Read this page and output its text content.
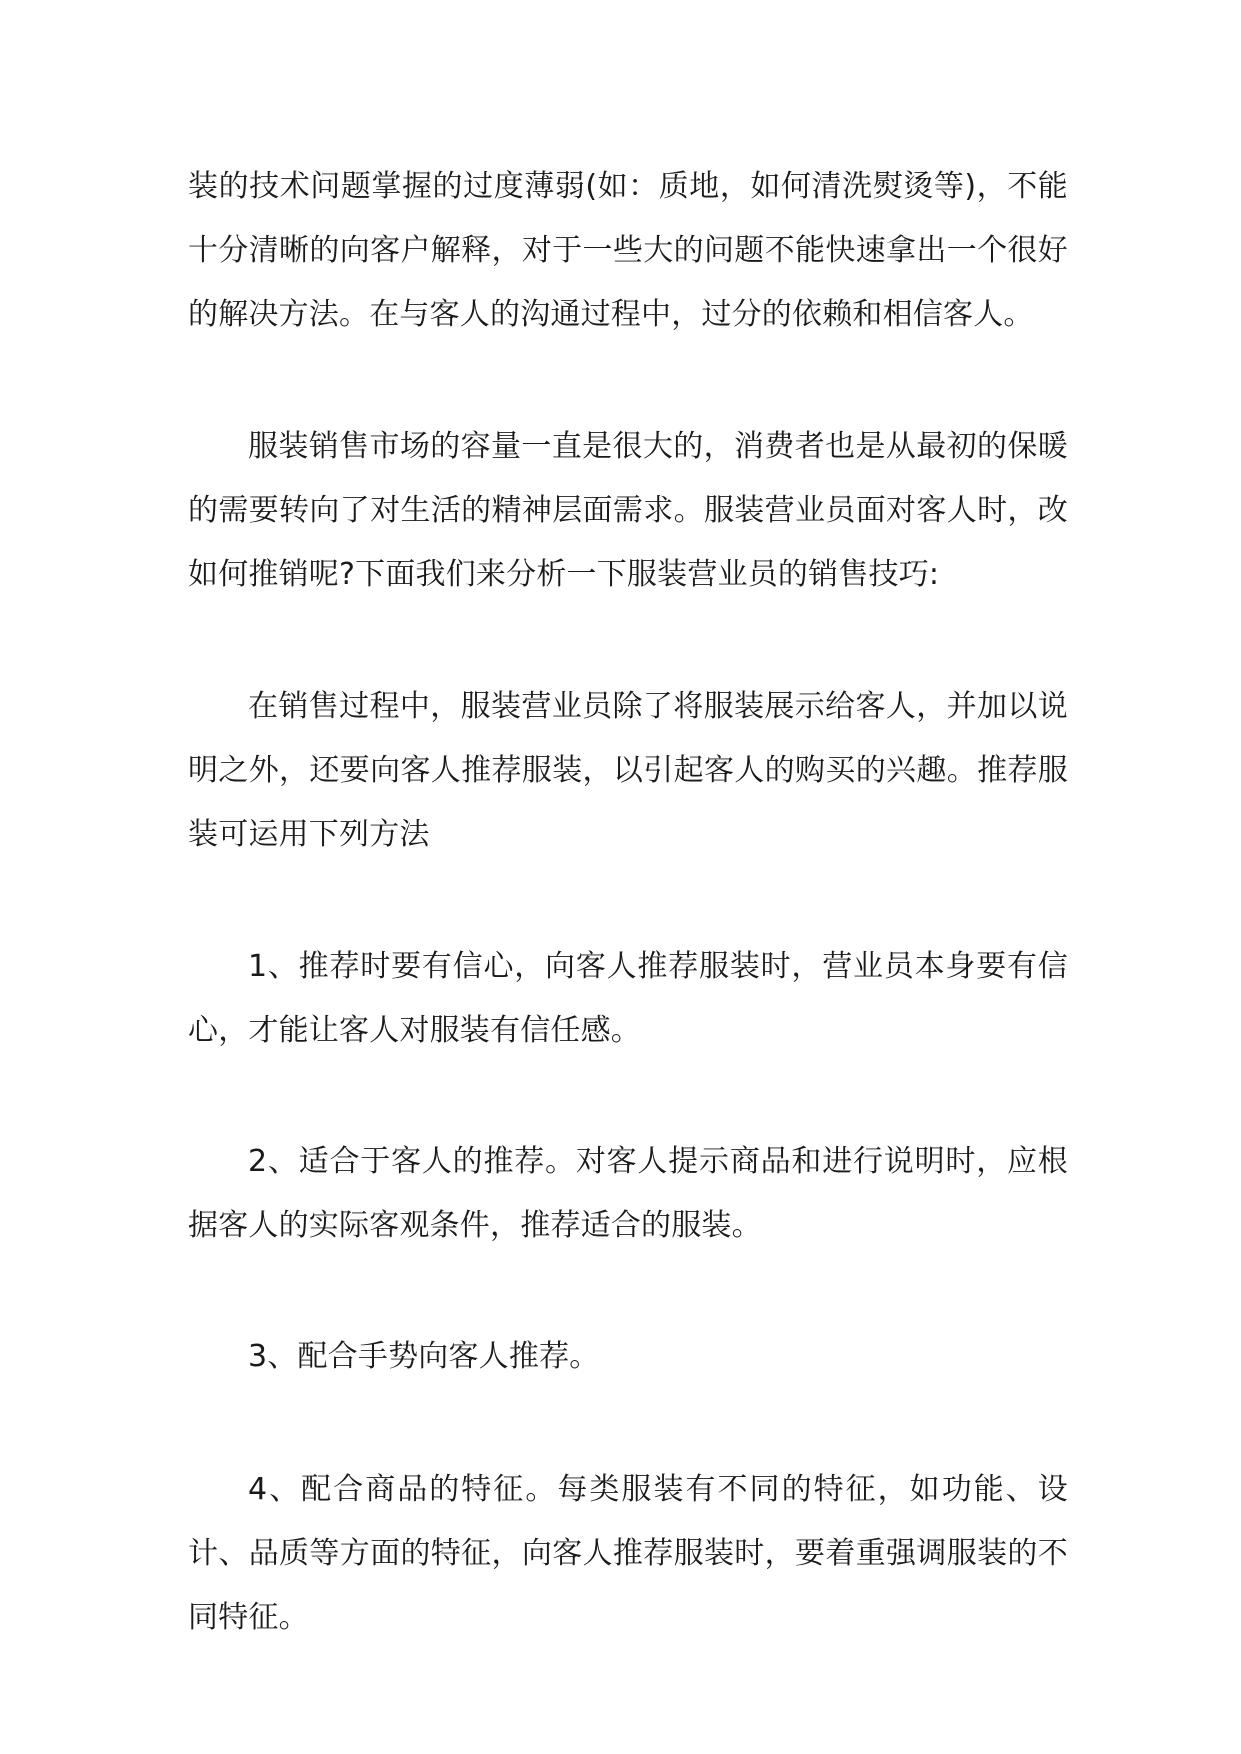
装的技术问题掌握的过度薄弱(如：质地，如何清洗熨烫等)，不能十分清晰的向客户解释，对于一些大的问题不能快速拿出一个很好的解决方法。在与客人的沟通过程中，过分的依赖和相信客人。

服装销售市场的容量一直是很大的，消费者也是从最初的保暖的需要转向了对生活的精神层面需求。服装营业员面对客人时，改如何推销呢?下面我们来分析一下服装营业员的销售技巧:

在销售过程中，服装营业员除了将服装展示给客人，并加以说明之外，还要向客人推荐服装，以引起客人的购买的兴趣。推荐服装可运用下列方法

1、推荐时要有信心，向客人推荐服装时，营业员本身要有信心，才能让客人对服装有信任感。

2、适合于客人的推荐。对客人提示商品和进行说明时，应根据客人的实际客观条件，推荐适合的服装。

3、配合手势向客人推荐。

4、配合商品的特征。每类服装有不同的特征，如功能、设计、品质等方面的特征，向客人推荐服装时，要着重强调服装的不同特征。
